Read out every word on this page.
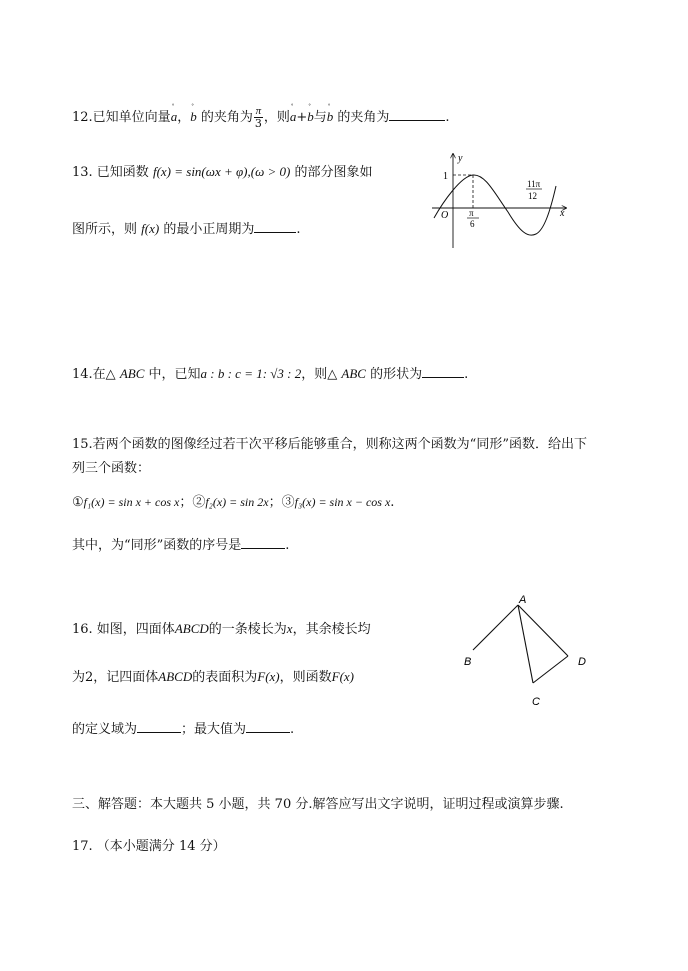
12.已知单位向量˚ a，˚ b 的夹角为 $\frac{\pi}{3}$ ，则˚ a+˚ b与˚ b 的夹角为	.
13. 已知函数 f(x) = sin(ωx + φ),(ω > 0) 的部分图象如
图所示，则 f(x) 的最小正周期为	.
y
x
O
1
π
6
11π
12
14.在△ ABC 中，已知a : b : c = 1: √3 : 2，则△ ABC 的形状为	.
15.若两个函数的图像经过若干次平移后能够重合，则称这两个函数为“同形”函数．给出下
列三个函数：
①f₁(x) = sin x + cos x；②f₂(x) = sin 2x；③f₃(x) = sin x − cos x.
其中，为“同形”函数的序号是	.
16. 如图，四面体ABCD的一条棱长为x，其余棱长均
为2，记四面体ABCD的表面积为F(x)，则函数F(x)
的定义域为	；最大值为	.
A
B
C
D
三、解答题：本大题共 5 小题，共 70 分.解答应写出文字说明，证明过程或演算步骤.
17. （本小题满分 14 分）
